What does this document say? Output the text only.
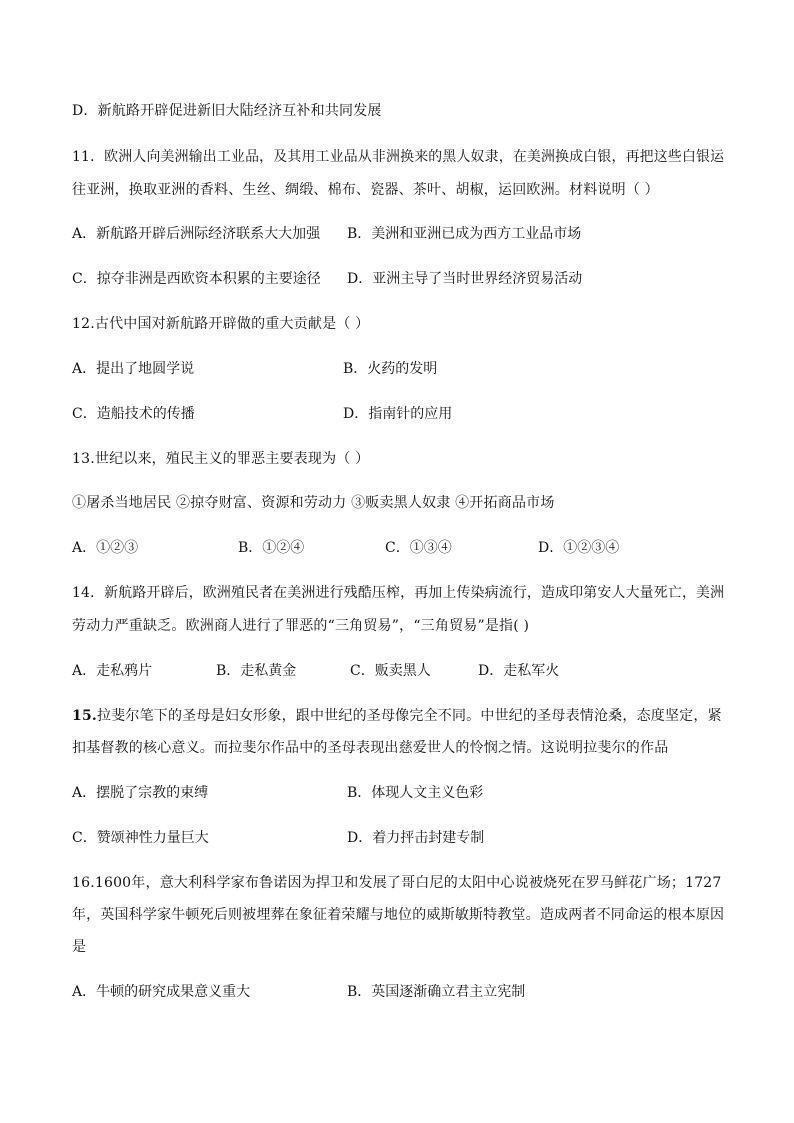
D．新航路开辟促进新旧大陆经济互补和共同发展
11．欧洲人向美洲输出工业品，及其用工业品从非洲换来的黑人奴隶，在美洲换成白银，再把这些白银运
往亚洲，换取亚洲的香料、生丝、绸缎、棉布、瓷器、茶叶、胡椒，运回欧洲。材料说明（ ）
A．新航路开辟后洲际经济联系大大加强 B．美洲和亚洲已成为西方工业品市场
C．掠夺非洲是西欧资本积累的主要途径 D．亚洲主导了当时世界经济贸易活动
12.古代中国对新航路开辟做的重大贡献是（ ）
A．提出了地圆学说	B．火药的发明
C．造船技术的传播	D．指南针的应用
13.世纪以来，殖民主义的罪恶主要表现为（ ）
①屠杀当地居民 ②掠夺财富、资源和劳动力 ③贩卖黑人奴隶 ④开拓商品市场
A．①②③	B．①②④	C．①③④	D．①②③④
14．新航路开辟后，欧洲殖民者在美洲进行残酷压榨，再加上传染病流行，造成印第安人大量死亡，美洲
劳动力严重缺乏。欧洲商人进行了罪恶的“三角贸易”，“三角贸易”是指( )
A．走私鸦片	B．走私黄金	C．贩卖黑人	D．走私军火
15.拉斐尔笔下的圣母是妇女形象，跟中世纪的圣母像完全不同。中世纪的圣母表情沧桑，态度坚定，紧
扣基督教的核心意义。而拉斐尔作品中的圣母表现出慈爱世人的怜悯之情。这说明拉斐尔的作品
A．摆脱了宗教的束缚	B．体现人文主义色彩
C．赞颂神性力量巨大	D．着力抨击封建专制
16.1600年，意大利科学家布鲁诺因为捍卫和发展了哥白尼的太阳中心说被烧死在罗马鲜花广场；1727
年，英国科学家牛顿死后则被埋葬在象征着荣耀与地位的威斯敏斯特教堂。造成两者不同命运的根本原因
是
A．牛顿的研究成果意义重大	B．英国逐渐确立君主立宪制
